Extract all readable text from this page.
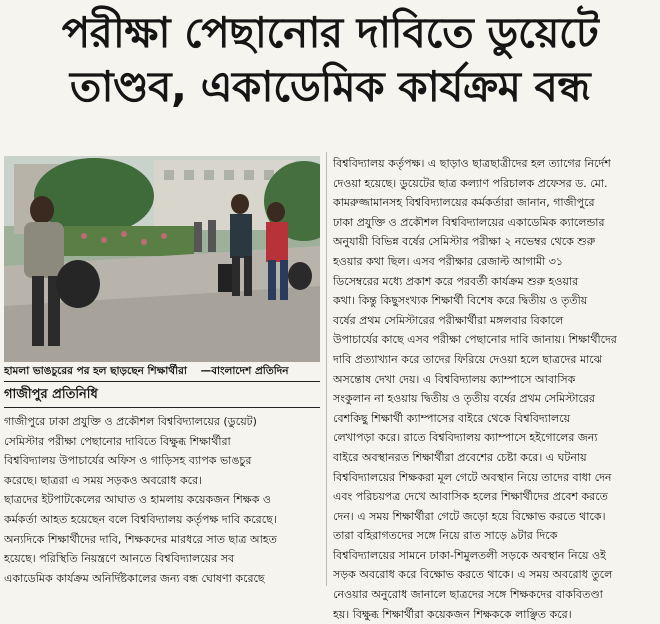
পরীক্ষা পেছানোর দাবিতে ডুয়েটে
তাণ্ডব, একাডেমিক কার্যক্রম বন্ধ
হামলা ভাঙচুরের পর হল ছাড়ছেন শিক্ষার্থীরা —বাংলাদেশ প্রতিদিন
গাজীপুর প্রতিনিধি
গাজীপুরে ঢাকা প্রযুক্তি ও প্রকৌশল বিশ্ববিদ্যালয়ের (ডুয়েট)
সেমিস্টার পরীক্ষা পেছানোর দাবিতে বিক্ষুব্ধ শিক্ষার্থীরা
বিশ্ববিদ্যালয় উপাচার্যের অফিস ও গাড়িসহ ব্যাপক ভাঙচুর
করেছে। ছাত্ররা এ সময় সড়কও অবরোধ করে।
ছাত্রদের ইটপাটকেলের আঘাত ও হামলায় কয়েকজন শিক্ষক ও
কর্মকর্তা আহত হয়েছেন বলে বিশ্ববিদ্যালয় কর্তৃপক্ষ দাবি করেছে।
অন্যদিকে শিক্ষার্থীদের দাবি, শিক্ষকদের মারধরে সাত ছাত্র আহত
হয়েছে। পরিস্থিতি নিয়ন্ত্রণে আনতে বিশ্ববিদ্যালয়ের সব
একাডেমিক কার্যক্রম অনির্দিষ্টকালের জন্য বন্ধ ঘোষণা করেছে
বিশ্ববিদ্যালয় কর্তৃপক্ষ। এ ছাড়াও ছাত্রছাত্রীদের হল ত্যাগের নির্দেশ
দেওয়া হয়েছে। ডুয়েটের ছাত্র কল্যাণ পরিচালক প্রফেসর ড. মো.
কামরুজ্জামানসহ বিশ্ববিদ্যালয়ের কর্মকর্তারা জানান, গাজীপুরে
ঢাকা প্রযুক্তি ও প্রকৌশল বিশ্ববিদ্যালয়ের একাডেমিক ক্যালেন্ডার
অনুযায়ী বিভিন্ন বর্ষের সেমিস্টার পরীক্ষা ২ নভেম্বর থেকে শুরু
হওয়ার কথা ছিল। এসব পরীক্ষার রেজাল্ট আগামী ৩১
ডিসেম্বরের মধ্যে প্রকাশ করে পরবর্তী কার্যক্রম শুরু হওয়ার
কথা। কিন্তু কিছুসংখ্যক শিক্ষার্থী বিশেষ করে দ্বিতীয় ও তৃতীয়
বর্ষের প্রথম সেমিস্টারের পরীক্ষার্থীরা মঙ্গলবার বিকালে
উপাচার্যের কাছে এসব পরীক্ষা পেছানোর দাবি জানায়। শিক্ষার্থীদের
দাবি প্রত্যাখ্যান করে তাদের ফিরিয়ে দেওয়া হলে ছাত্রদের মাঝে
অসন্তোষ দেখা দেয়। এ বিশ্ববিদ্যালয় ক্যাম্পাসে আবাসিক
সংকুলান না হওয়ায় দ্বিতীয় ও তৃতীয় বর্ষের প্রথম সেমিস্টারের
বেশকিছু শিক্ষার্থী ক্যাম্পাসের বাইরে থেকে বিশ্ববিদ্যালয়ে
লেখাপড়া করে। রাতে বিশ্ববিদ্যালয় ক্যাম্পাসে হইগোলের জন্য
বাইরে অবস্থানরত শিক্ষার্থীরা প্রবেশের চেষ্টা করে। এ ঘটনায়
বিশ্ববিদ্যালয়ের শিক্ষকরা মূল গেটে অবস্থান নিয়ে তাদের বাধা দেন
এবং পরিচয়পত্র দেখে আবাসিক হলের শিক্ষার্থীদের প্রবেশ করতে
দেন। এ সময় শিক্ষার্থীরা গেটে জড়ো হয়ে বিক্ষোভ করতে থাকে।
তারা বহিরাগতদের সঙ্গে নিয়ে রাত সাড়ে ৯টার দিকে
বিশ্ববিদ্যালয়ের সামনে ঢাকা-শিমুলতলী সড়কে অবস্থান নিয়ে ওই
সড়ক অবরোধ করে বিক্ষোভ করতে থাকে। এ সময় অবরোধ তুলে
নেওয়ার অনুরোধ জানালে ছাত্রদের সঙ্গে শিক্ষকদের বাকবিতণ্ডা
হয়। বিক্ষুব্ধ শিক্ষার্থীরা কয়েকজন শিক্ষককে লাঞ্ছিত করে।
